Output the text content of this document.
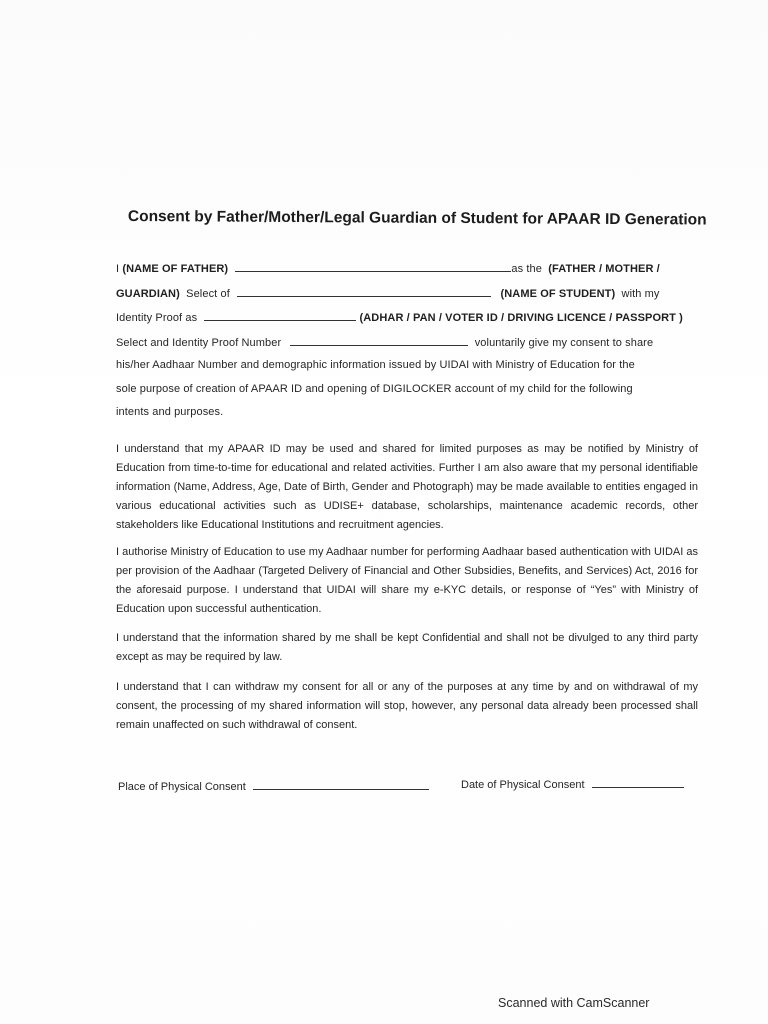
Consent by Father/Mother/Legal Guardian of Student for APAAR ID Generation
I (NAME OF FATHER)	as the (FATHER / MOTHER /
GUARDIAN) Select of	(NAME OF STUDENT) with my
Identity Proof as	(ADHAR / PAN / VOTER ID / DRIVING LICENCE / PASSPORT )
Select and Identity Proof Number	voluntarily give my consent to share
his/her Aadhaar Number and demographic information issued by UIDAI with Ministry of Education for the
sole purpose of creation of APAAR ID and opening of DIGILOCKER account of my child for the following
intents and purposes.
I understand that my APAAR ID may be used and shared for limited purposes as may be notified by Ministry of Education from time-to-time for educational and related activities. Further I am also aware that my personal identifiable information (Name, Address, Age, Date of Birth, Gender and Photograph) may be made available to entities engaged in various educational activities such as UDISE+ database, scholarships, maintenance academic records, other stakeholders like Educational Institutions and recruitment agencies.
I authorise Ministry of Education to use my Aadhaar number for performing Aadhaar based authentication with UIDAI as per provision of the Aadhaar (Targeted Delivery of Financial and Other Subsidies, Benefits, and Services) Act, 2016 for the aforesaid purpose. I understand that UIDAI will share my e-KYC details, or response of “Yes” with Ministry of Education upon successful authentication.
I understand that the information shared by me shall be kept Confidential and shall not be divulged to any third party except as may be required by law.
I understand that I can withdraw my consent for all or any of the purposes at any time by and on withdrawal of my consent, the processing of my shared information will stop, however, any personal data already been processed shall remain unaffected on such withdrawal of consent.
Place of Physical Consent	Date of Physical Consent
Scanned with CamScanner
